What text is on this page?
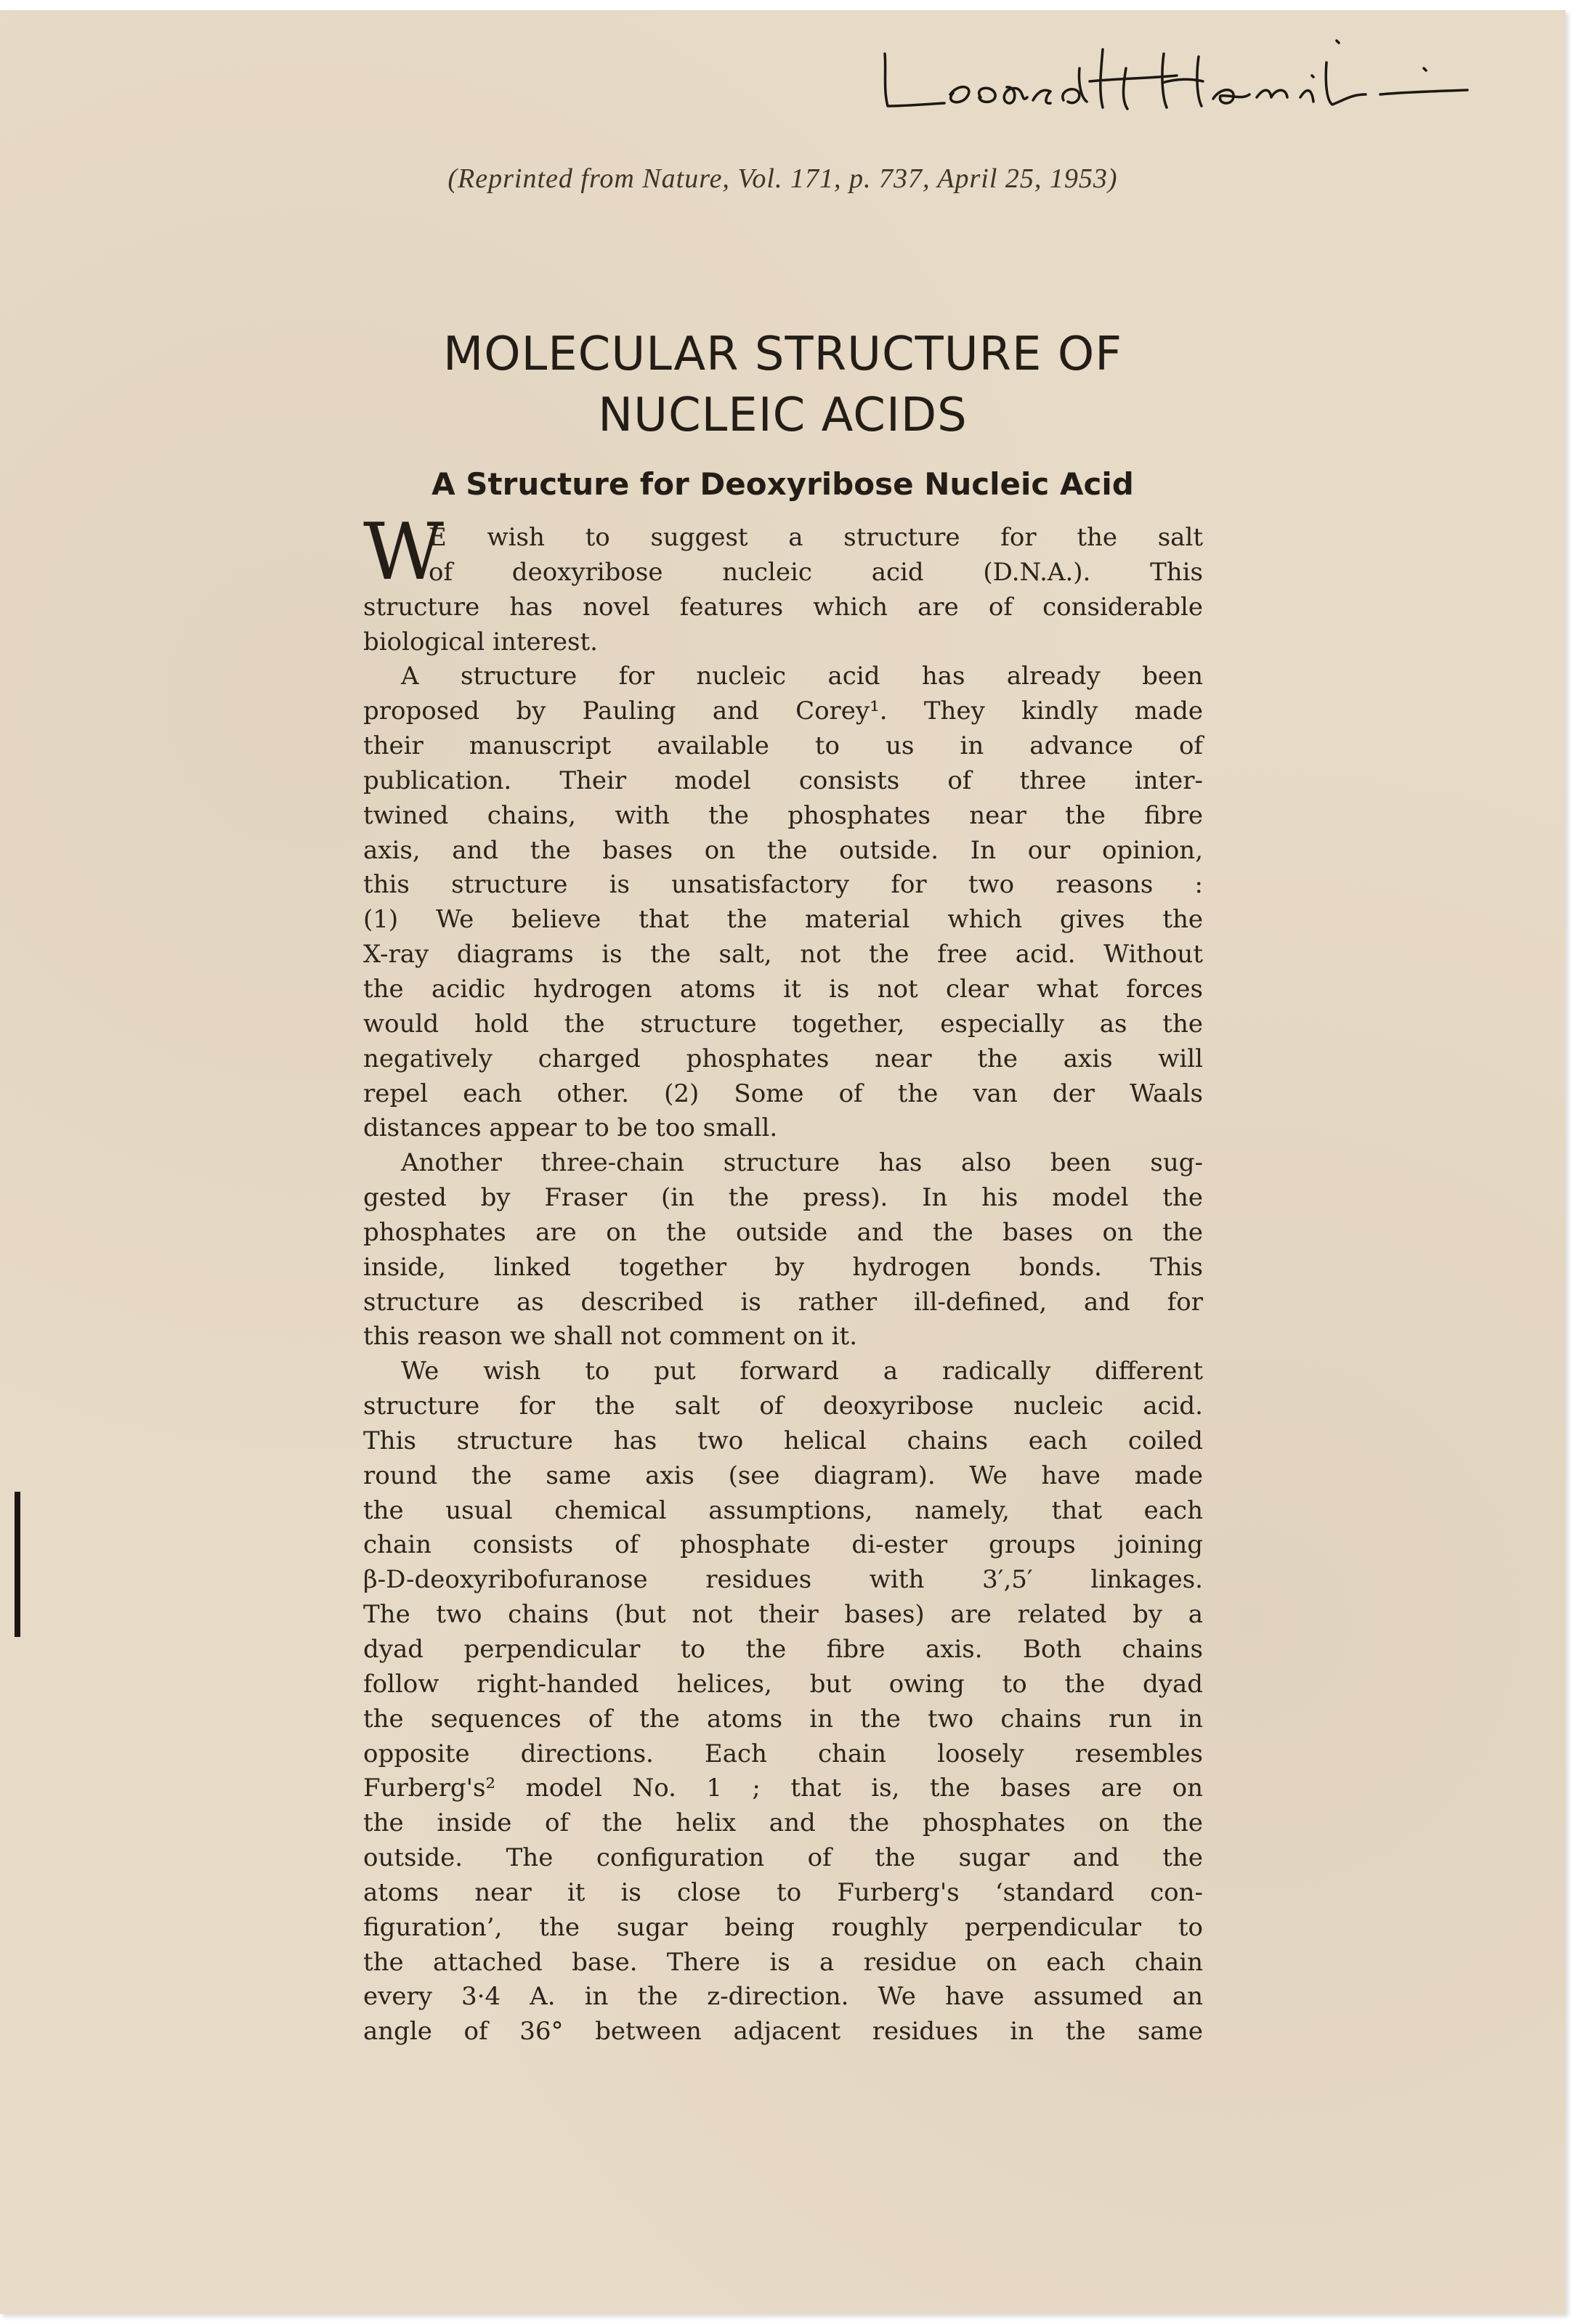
(Reprinted from Nature, Vol. 171, p. 737, April 25, 1953)
MOLECULAR STRUCTURE OF
NUCLEIC ACIDS
A Structure for Deoxyribose Nucleic Acid
W
E wish to suggest a structure for the salt
of deoxyribose nucleic acid (D.N.A.). This
structure has novel features which are of considerable
biological interest.
A structure for nucleic acid has already been
proposed by Pauling and Corey¹. They kindly made
their manuscript available to us in advance of
publication. Their model consists of three inter-
twined chains, with the phosphates near the fibre
axis, and the bases on the outside. In our opinion,
this structure is unsatisfactory for two reasons :
(1) We believe that the material which gives the
X-ray diagrams is the salt, not the free acid. Without
the acidic hydrogen atoms it is not clear what forces
would hold the structure together, especially as the
negatively charged phosphates near the axis will
repel each other. (2) Some of the van der Waals
distances appear to be too small.
Another three-chain structure has also been sug-
gested by Fraser (in the press). In his model the
phosphates are on the outside and the bases on the
inside, linked together by hydrogen bonds. This
structure as described is rather ill-defined, and for
this reason we shall not comment on it.
We wish to put forward a radically different
structure for the salt of deoxyribose nucleic acid.
This structure has two helical chains each coiled
round the same axis (see diagram). We have made
the usual chemical assumptions, namely, that each
chain consists of phosphate di-ester groups joining
β-D-deoxyribofuranose residues with 3′,5′ linkages.
The two chains (but not their bases) are related by a
dyad perpendicular to the fibre axis. Both chains
follow right-handed helices, but owing to the dyad
the sequences of the atoms in the two chains run in
opposite directions. Each chain loosely resembles
Furberg's² model No. 1 ; that is, the bases are on
the inside of the helix and the phosphates on the
outside. The configuration of the sugar and the
atoms near it is close to Furberg's ‘standard con-
figuration’, the sugar being roughly perpendicular to
the attached base. There is a residue on each chain
every 3·4 A. in the z-direction. We have assumed an
angle of 36° between adjacent residues in the same
